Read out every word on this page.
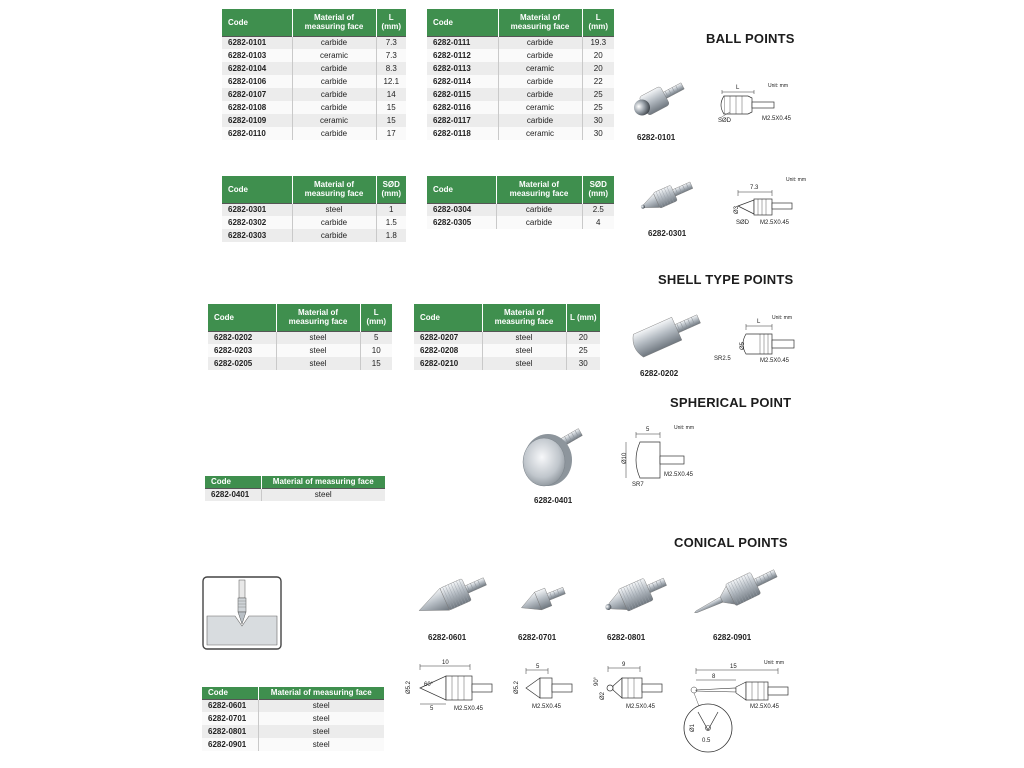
BALL POINTS
Code	Material of measuring face	L (mm)
6282-0101	carbide	7.3
6282-0103	ceramic	7.3
6282-0104	carbide	8.3
6282-0106	carbide	12.1
6282-0107	carbide	14
6282-0108	carbide	15
6282-0109	ceramic	15
6282-0110	carbide	17
Code	Material of measuring face	L (mm)
6282-0111	carbide	19.3
6282-0112	carbide	20
6282-0113	ceramic	20
6282-0114	carbide	22
6282-0115	carbide	25
6282-0116	ceramic	25
6282-0117	carbide	30
6282-0118	ceramic	30
Code	Material of measuring face	SØD (mm)
6282-0301	steel	1
6282-0302	carbide	1.5
6282-0303	carbide	1.8
Code	Material of measuring face	SØD (mm)
6282-0304	carbide	2.5
6282-0305	carbide	4
6282-0101
Unit: mm
L
SØD	M2.5X0.45
6282-0301
Unit: mm
7.3
Ø3
SØD M2.5X0.45
SHELL TYPE POINTS
Code	Material of measuring face	L (mm)
6282-0202	steel	5
6282-0203	steel	10
6282-0205	steel	15
Code	Material of measuring face	L (mm)
6282-0207	steel	20
6282-0208	steel	25
6282-0210	steel	30
6282-0202
Unit: mm
L
Ø5
SR2.5	M2.5X0.45
SPHERICAL POINT
Code	Material of measuring face
6282-0401	steel
6282-0401
Unit: mm
5
Ø10
SR7
M2.5X0.45
CONICAL POINTS
Code	Material of measuring face
6282-0601	steel
6282-0701	steel
6282-0801	steel
6282-0901	steel
6282-0601	6282-0701	6282-0801	6282-0901
10
Ø5.2 60°
5	M2.5X0.45
5
Ø5.2
M2.5X0.45
9
90°
Ø2
M2.5X0.45
Unit: mm
15
8
Ø1
0.5
M2.5X0.45
